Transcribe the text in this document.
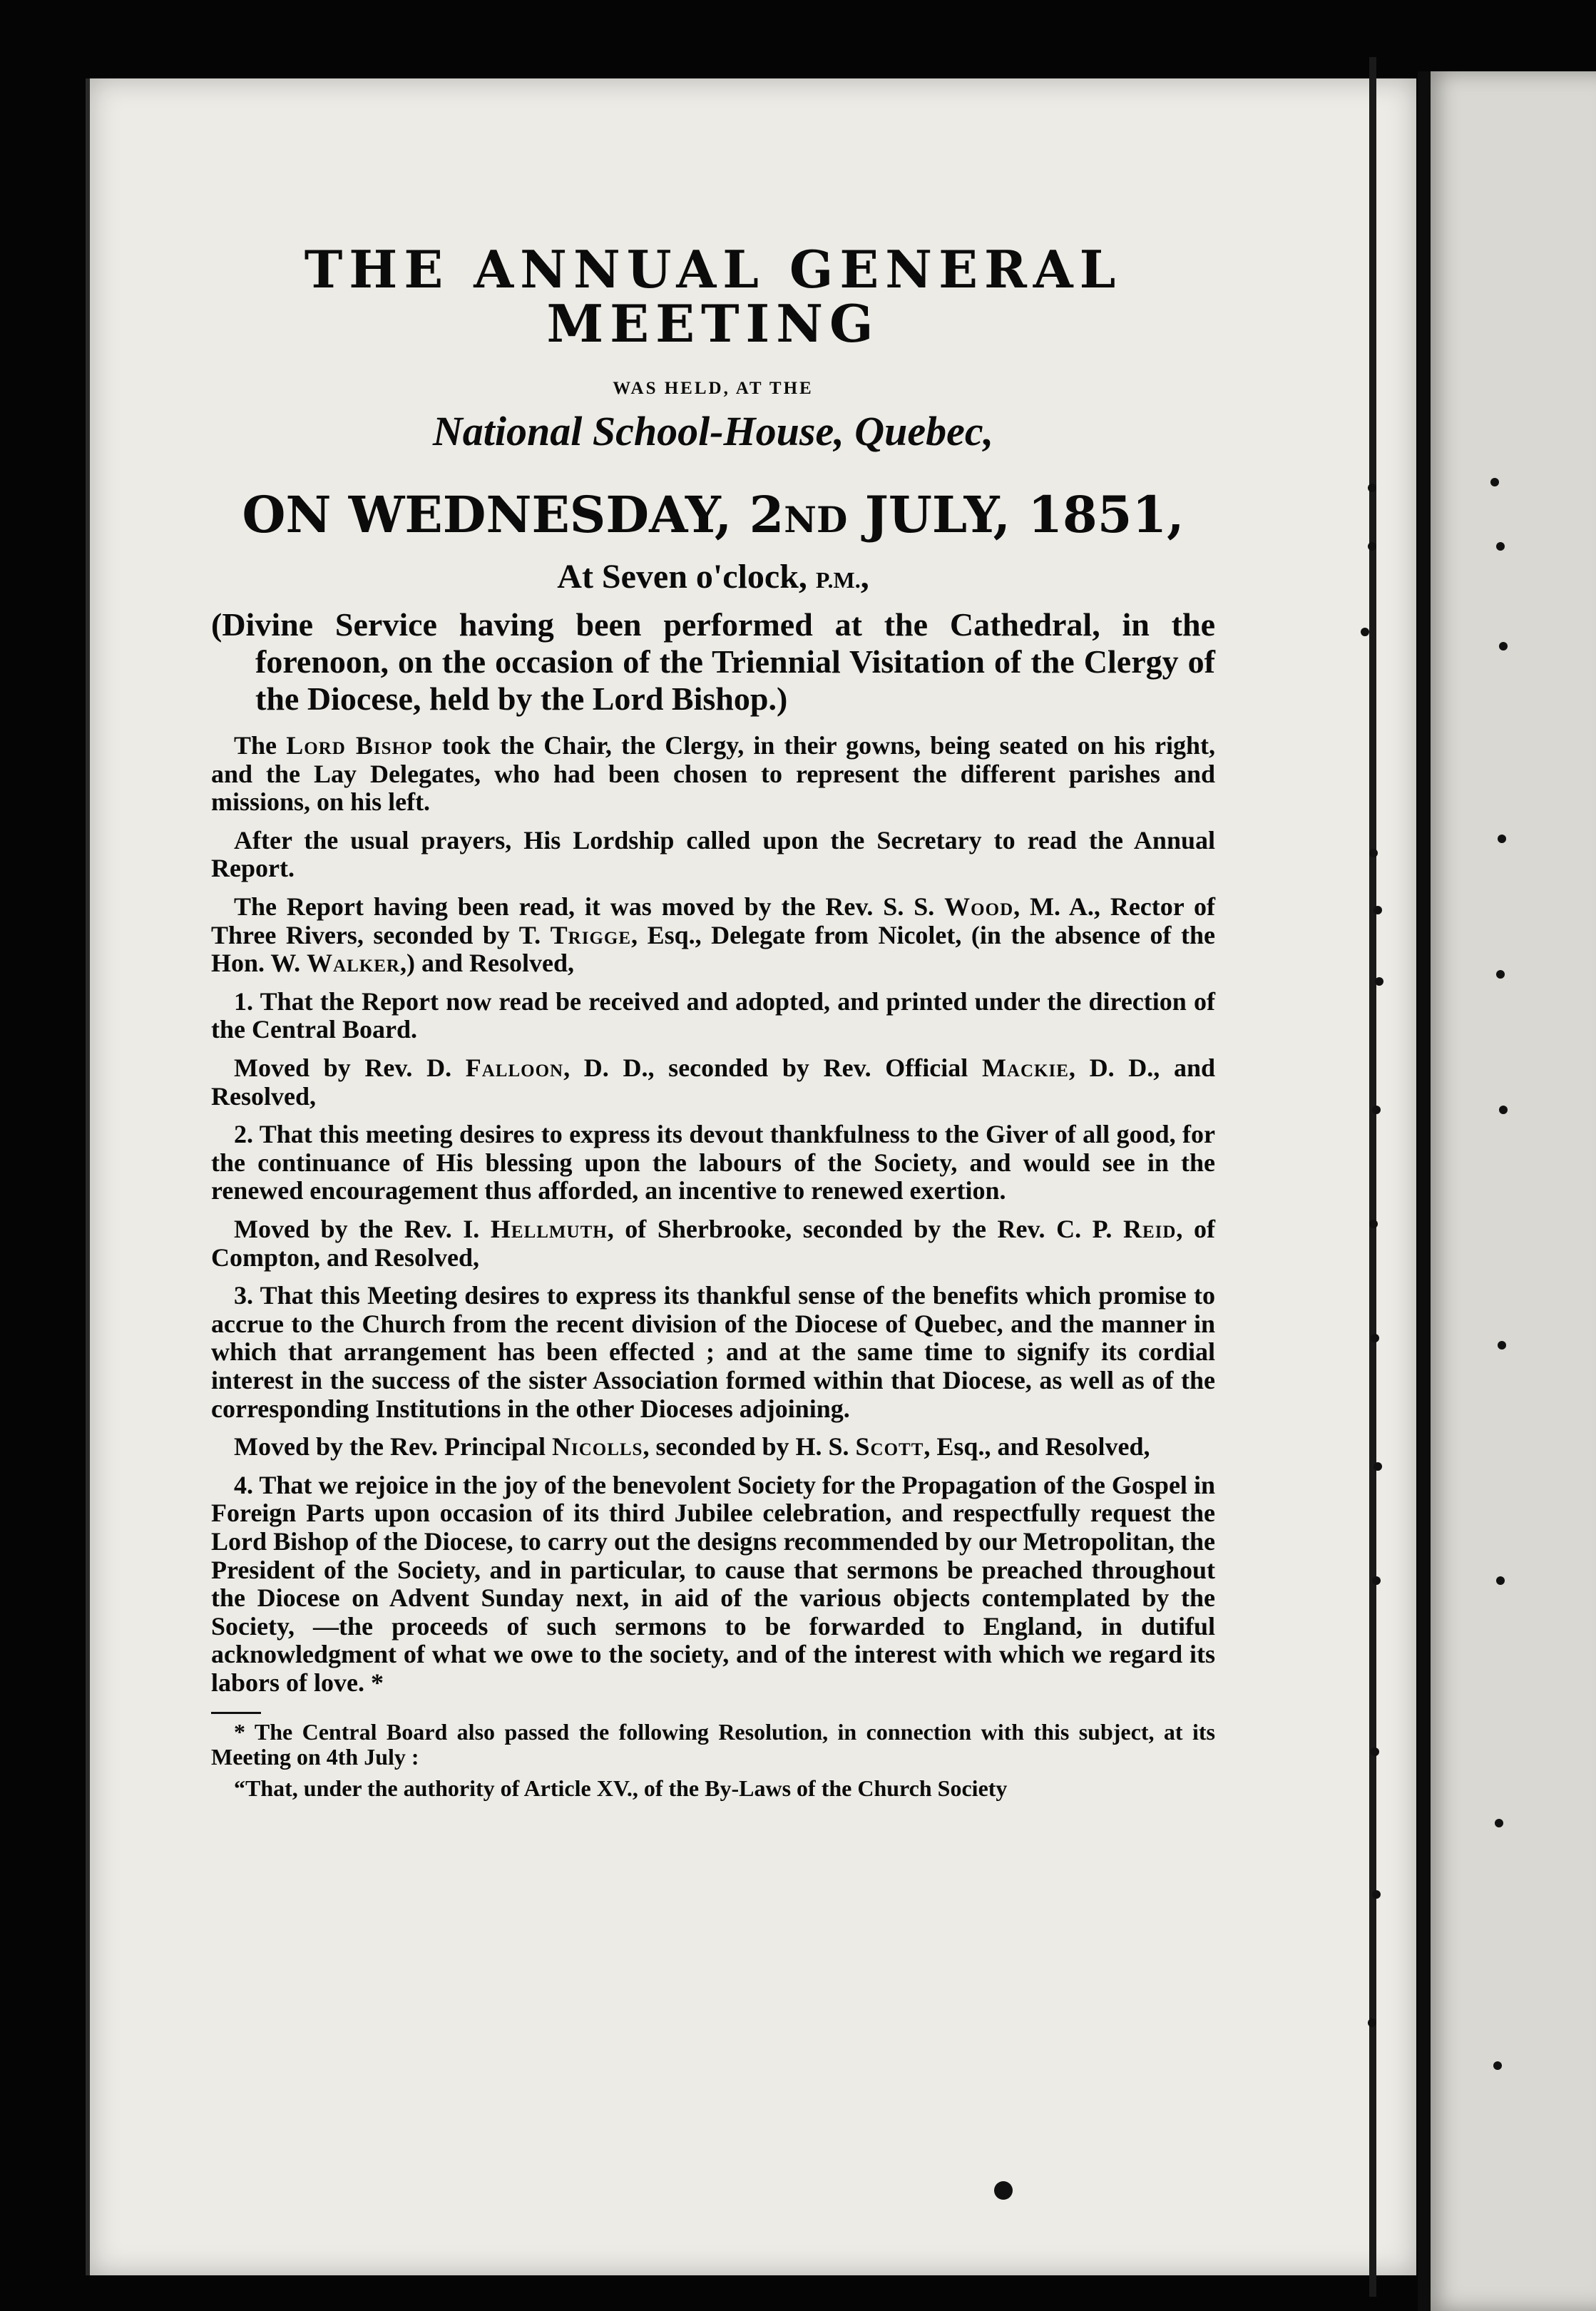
THE ANNUAL GENERAL MEETING

WAS HELD, AT THE

National School-House, Quebec,

ON WEDNESDAY, 2ND JULY, 1851,

At Seven o'clock, P.M.,

(Divine Service having been performed at the Cathedral, in the forenoon, on the occasion of the Triennial Visitation of the Clergy of the Diocese, held by the Lord Bishop.)

The Lord Bishop took the Chair, the Clergy, in their gowns, being seated on his right, and the Lay Delegates, who had been chosen to represent the different parishes and missions, on his left.

After the usual prayers, His Lordship called upon the Secretary to read the Annual Report.

The Report having been read, it was moved by the Rev. S. S. Wood, M. A., Rector of Three Rivers, seconded by T. Trigge, Esq., Delegate from Nicolet, (in the absence of the Hon. W. Walker,) and Resolved,

1. That the Report now read be received and adopted, and printed under the direction of the Central Board.

Moved by Rev. D. Falloon, D. D., seconded by Rev. Official Mackie, D. D., and Resolved,

2. That this meeting desires to express its devout thankfulness to the Giver of all good, for the continuance of His blessing upon the labours of the Society, and would see in the renewed encouragement thus afforded, an incentive to renewed exertion.

Moved by the Rev. I. Hellmuth, of Sherbrooke, seconded by the Rev. C. P. Reid, of Compton, and Resolved,

3. That this Meeting desires to express its thankful sense of the benefits which promise to accrue to the Church from the recent division of the Diocese of Quebec, and the manner in which that arrangement has been effected ; and at the same time to signify its cordial interest in the success of the sister Association formed within that Diocese, as well as of the corresponding Institutions in the other Dioceses adjoining.

Moved by the Rev. Principal Nicolls, seconded by H. S. Scott, Esq., and Resolved,

4. That we rejoice in the joy of the benevolent Society for the Propagation of the Gospel in Foreign Parts upon occasion of its third Jubilee celebration, and respectfully request the Lord Bishop of the Diocese, to carry out the designs recommended by our Metropolitan, the President of the Society, and in particular, to cause that sermons be preached throughout the Diocese on Advent Sunday next, in aid of the various objects contemplated by the Society, —the proceeds of such sermons to be forwarded to England, in dutiful acknowledgment of what we owe to the society, and of the interest with which we regard its labors of love. *

* The Central Board also passed the following Resolution, in connection with this subject, at its Meeting on 4th July :

“That, under the authority of Article XV., of the By-Laws of the Church Society
